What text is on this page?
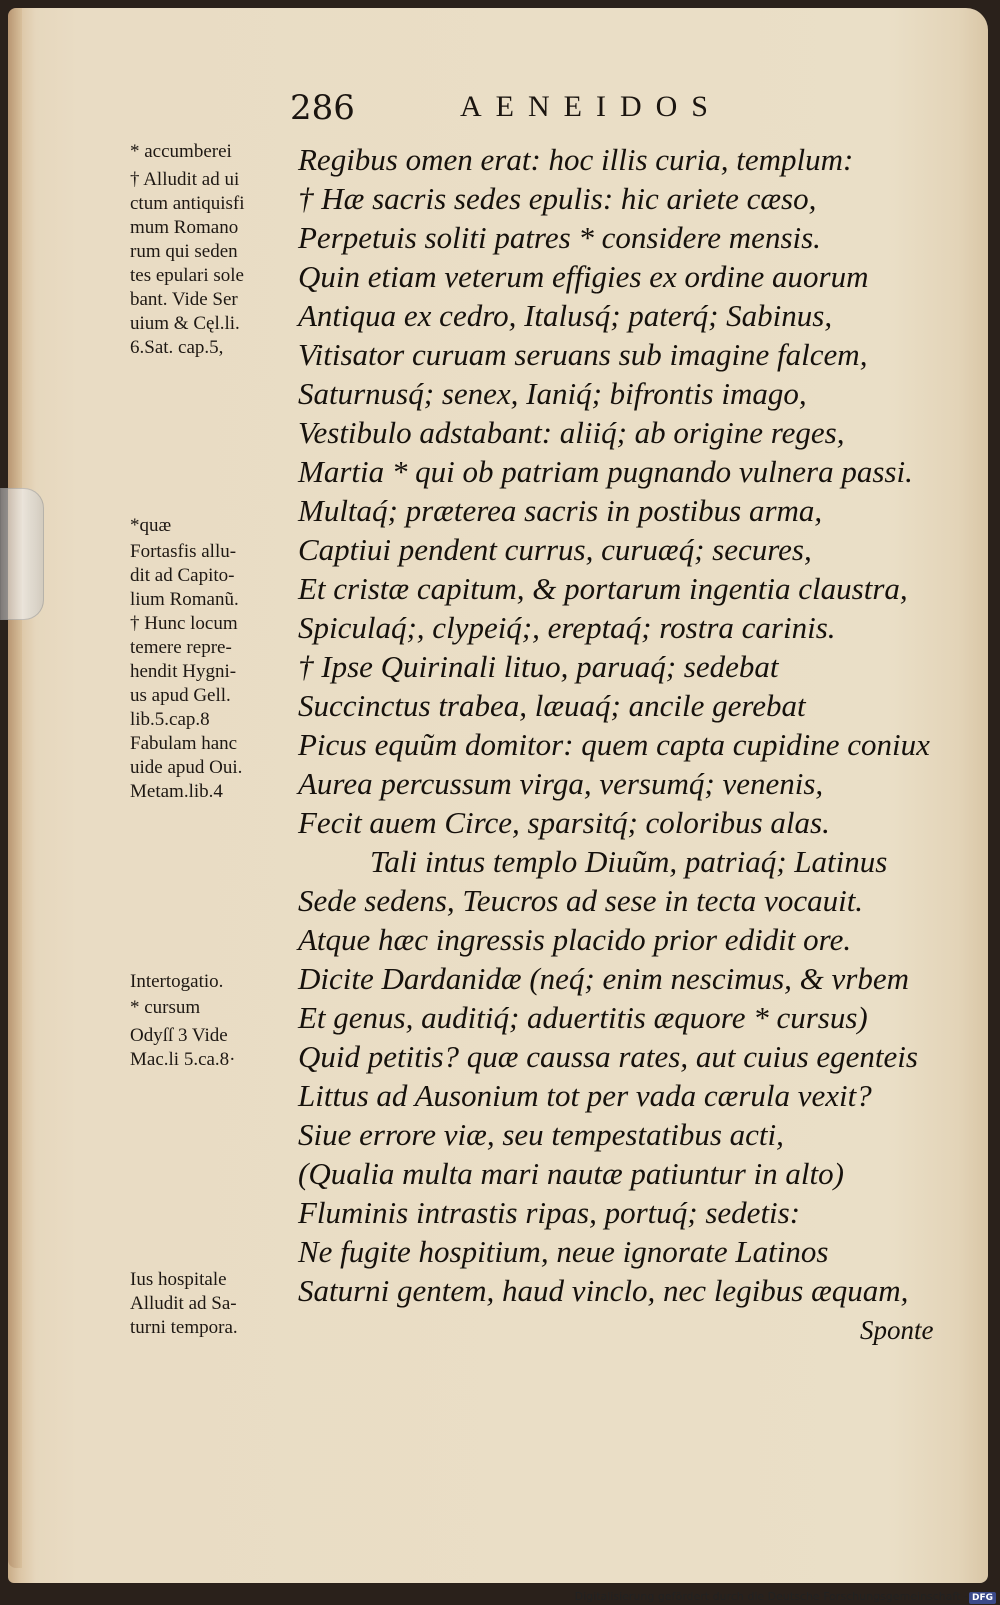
286	AENEIDOS
* accumberei
† Alludit ad ui
ctum antiquisfi
mum Romano
rum qui seden
tes epulari sole
bant. Vide Ser
uium & Cęl.li.
6.Sat. cap.5,
*quæ
Fortasfis allu-
dit ad Capito-
lium Romanũ.
† Hunc locum
temere repre-
hendit Hygni-
us apud Gell.
lib.5.cap.8
Fabulam hanc
uide apud Oui.
Metam.lib.4
Intertogatio.
* cursum
Odyſſ 3 Vide
Mac.li 5.ca.8·
Ius hospitale
Alludit ad Sa-
turni tempora.
Regibus omen erat: hoc illis curia, templum:
† Hæ sacris sedes epulis: hic ariete cæso,
Perpetuis soliti patres * considere mensis.
Quin etiam veterum effigies ex ordine auorum
Antiqua ex cedro, Italusq́; paterq́; Sabinus,
Vitisator curuam seruans sub imagine falcem,
Saturnusq́; senex, Ianiq́; bifrontis imago,
Vestibulo adstabant: aliiq́; ab origine reges,
Martia * qui ob patriam pugnando vulnera passi.
Multaq́; præterea sacris in postibus arma,
Captiui pendent currus, curuæq́; secures,
Et cristæ capitum, & portarum ingentia claustra,
Spiculaq́;, clypeiq́;, ereptaq́; rostra carinis.
† Ipse Quirinali lituo, paruaq́; sedebat
Succinctus trabea, læuaq́; ancile gerebat
Picus equũm domitor: quem capta cupidine coniux
Aurea percussum virga, versumq́; venenis,
Fecit auem Circe, sparsitq́; coloribus alas.
Tali intus templo Diuũm, patriaq́; Latinus
Sede sedens, Teucros ad sese in tecta vocauit.
Atque hæc ingressis placido prior edidit ore.
Dicite Dardanidæ (neq́; enim nescimus, & vrbem
Et genus, auditiq́; aduertitis æquore * cursus)
Quid petitis? quæ caussa rates, aut cuius egenteis
Littus ad Ausonium tot per vada cærula vexit?
Siue errore viæ, seu tempestatibus acti,
(Qualia multa mari nautæ patiuntur in alto)
Fluminis intrastis ripas, portuq́; sedetis:
Ne fugite hospitium, neue ignorate Latinos
Saturni gentem, haud vinclo, nec legibus æquam,
Sponte
Digitalisierung gefördert durch die Deutsche Forschungsgemeinschaft - DFG
